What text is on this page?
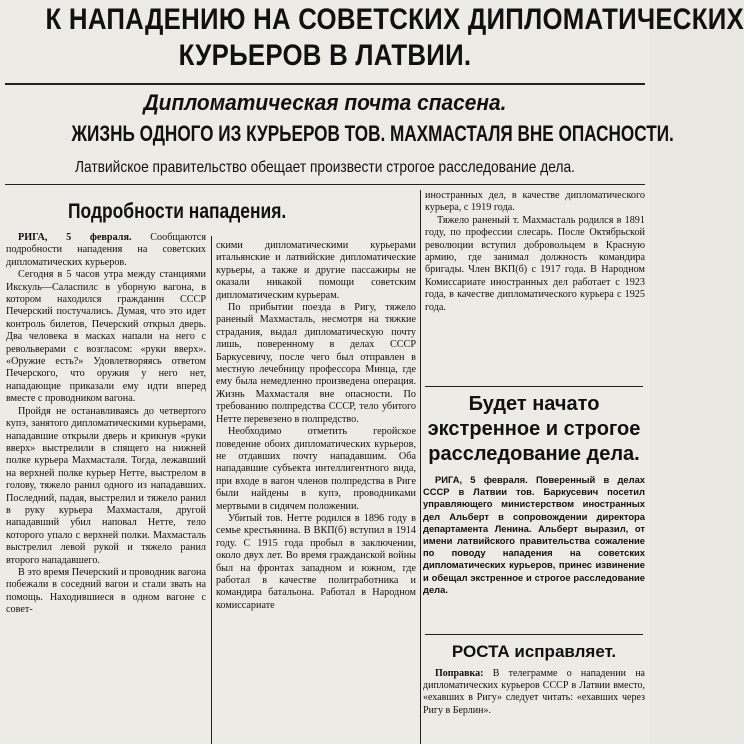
К НАПАДЕНИЮ НА СОВЕТСКИХ ДИПЛОМАТИЧЕСКИХ
КУРЬЕРОВ В ЛАТВИИ.
Дипломатическая почта спасена.
ЖИЗНЬ ОДНОГО ИЗ КУРЬЕРОВ ТОВ. МАХМАСТАЛЯ ВНЕ ОПАСНОСТИ.
Латвийское правительство обещает произвести строгое расследование дела.
Подробности нападения.

РИГА, 5 февраля. Сообщаются подробности нападения на советских дипломатических курьеров.

Сегодня в 5 часов утра между станциями Икскуль—Саласпилс в уборную вагона, в котором находился гражданин СССР Печерский постучались. Думая, что это идет контроль билетов, Печерский открыл дверь. Два человека в масках напали на него с револьверами с возгласом: «руки вверх». «Оружие есть?» Удовлетворяясь ответом Печерского, что оружия у него нет, нападающие приказали ему идти вперед вместе с проводником вагона.

Пройдя не останавливаясь до четвертого купэ, занятого дипломатическими курьерами, нападавшие открыли дверь и крикнув «руки вверх» выстрелили в спящего на нижней полке курьера Махмасталя. Тогда, лежавший на верхней полке курьер Нетте, выстрелом в голову, тяжело ранил одного из нападавших. Последний, падая, выстрелил и тяжело ранил в руку курьера Махмасталя, другой нападавший убил наповал Нетте, тело которого упало с верхней полки. Махмасталь выстрелил левой рукой и тяжело ранил второго нападавшего.

В это время Печерский и проводник вагона побежали в соседний вагон и стали звать на помощь. Находившиеся в одном вагоне с совет-

скими дипломатическими курьерами итальянские и латвийские дипломатические курьеры, а также и другие пассажиры не оказали никакой помощи советским дипломатическим курьерам.

По прибытии поезда в Ригу, тяжело раненый Махмасталь, несмотря на тяжкие страдания, выдал дипломатическую почту лишь, поверенному в делах СССР Баркусевичу, после чего был отправлен в местную лечебницу профессора Минца, где ему была немедленно произведена операция. Жизнь Махмасталя вне опасности. По требованию полпредства СССР, тело убитого Нетте перевезено в полпредство.

Необходимо отметить геройское поведение обоих дипломатических курьеров, не отдавших почту нападавшим. Оба нападавшие субъекта интеллигентного вида, при входе в вагон членов полпредства в Риге были найдены в купэ, проводниками мертвыми в сидячем положении.

Убитый тов. Нетте родился в 1896 году в семье крестьянина. В ВКП(б) вступил в 1914 году. С 1915 года пробыл в заключении, около двух лет. Во время гражданской войны был на фронтах западном и южном, где работал в качестве политработника и командира батальона. Работал в Народном комиссариате

иностранных дел, в качестве дипломатического курьера, с 1919 года.

Тяжело раненый т. Махмасталь родился в 1891 году, по профессии слесарь. После Октябрьской революции вступил добровольцем в Красную армию, где занимал должность командира бригады. Член ВКП(б) с 1917 года. В Народном Комиссариате иностранных дел работает с 1923 года, в качестве дипломатического курьера с 1925 года.

Будет начато экстренное и строгое расследование дела.

РИГА, 5 февраля. Поверенный в делах СССР в Латвии тов. Баркусевич посетил управляющего министерством иностранных дел Альберт в сопровождении директора департамента Ленина. Альберт выразил, от имени латвийского правительства сожаление по поводу нападения на советских дипломатических курьеров, принес извинение и обещал экстренное и строгое расследование дела.

РОСТА исправляет.

Поправка: В телеграмме о нападении на дипломатических курьеров СССР в Латвии вместо, «ехавших в Ригу» следует читать: «ехавших через Ригу в Берлин».
